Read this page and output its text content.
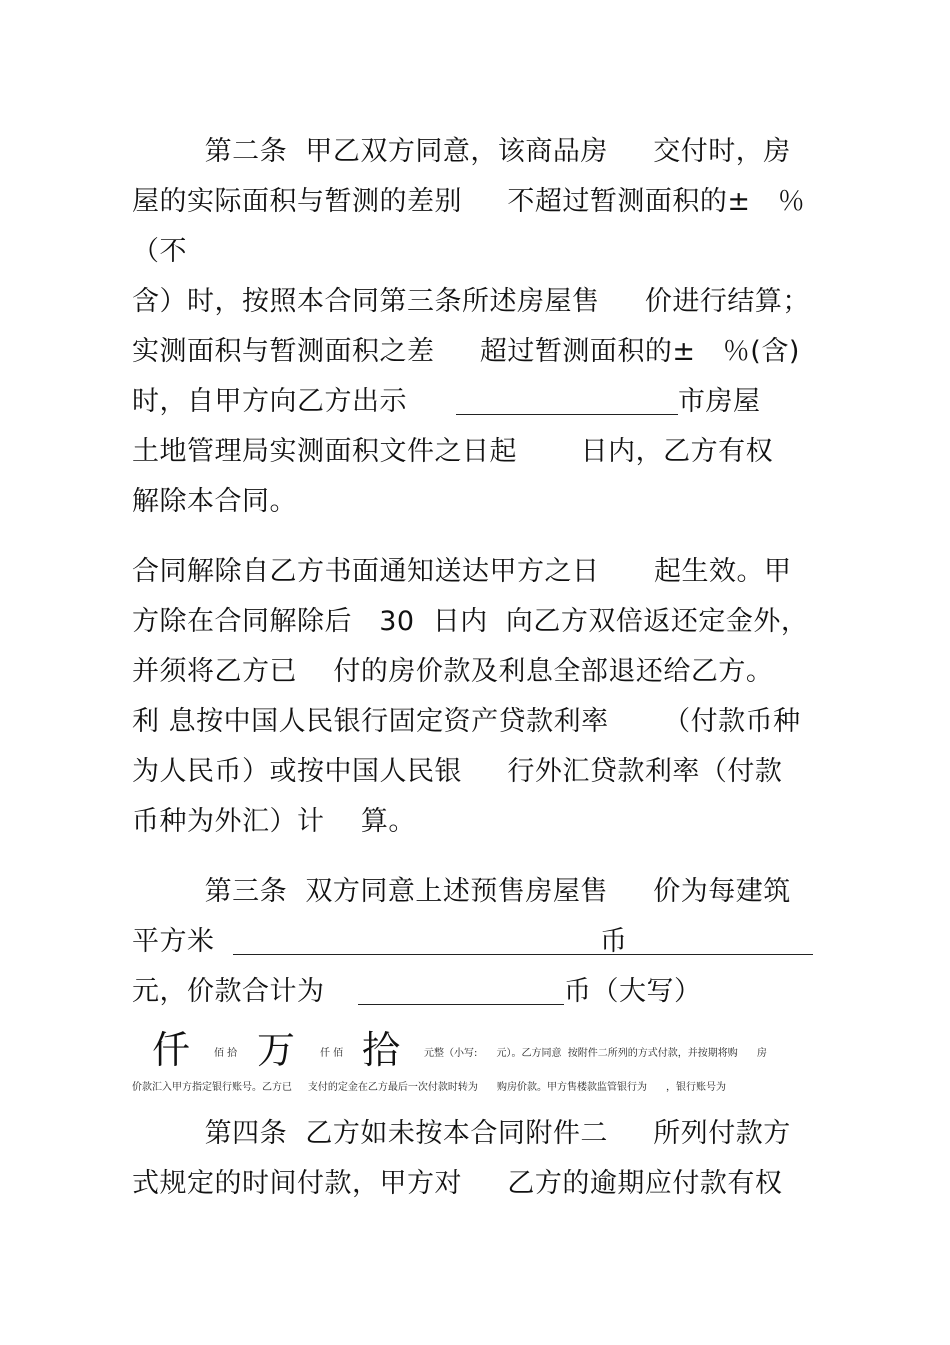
第二条  甲乙双方同意，该商品房     交付时，房
屋的实际面积与暂测的差别     不超过暂测面积的±   ％
（不
含）时，按照本合同第三条所述房屋售     价进行结算；
实测面积与暂测面积之差     超过暂测面积的±   ％(含)
时，自甲方向乙方出示	市房屋
土地管理局实测面积文件之日起       日内，乙方有权
解除本合同。
合同解除自乙方书面通知送达甲方之日      起生效。甲
方除在合同解除后   30  日内  向乙方双倍返还定金外，
并须将乙方已    付的房价款及利息全部退还给乙方。
利 息按中国人民银行固定资产贷款利率      （付款币种
为人民币）或按中国人民银     行外汇贷款利率（付款
币种为外汇）计    算。
第三条  双方同意上述预售房屋售     价为每建筑
平方米	币
元，价款合计为	币（大写）
仟 佰 拾 万 仟 佰 拾 元整（小写:      元）。乙方同意  按附件二所列的方式付款，并按期将购      房
价款汇入甲方指定银行账号。乙方已     支付的定金在乙方最后一次付款时转为      购房价款。甲方售楼款监管银行为      ，银行账号为
第四条  乙方如未按本合同附件二     所列付款方
式规定的时间付款，甲方对     乙方的逾期应付款有权
